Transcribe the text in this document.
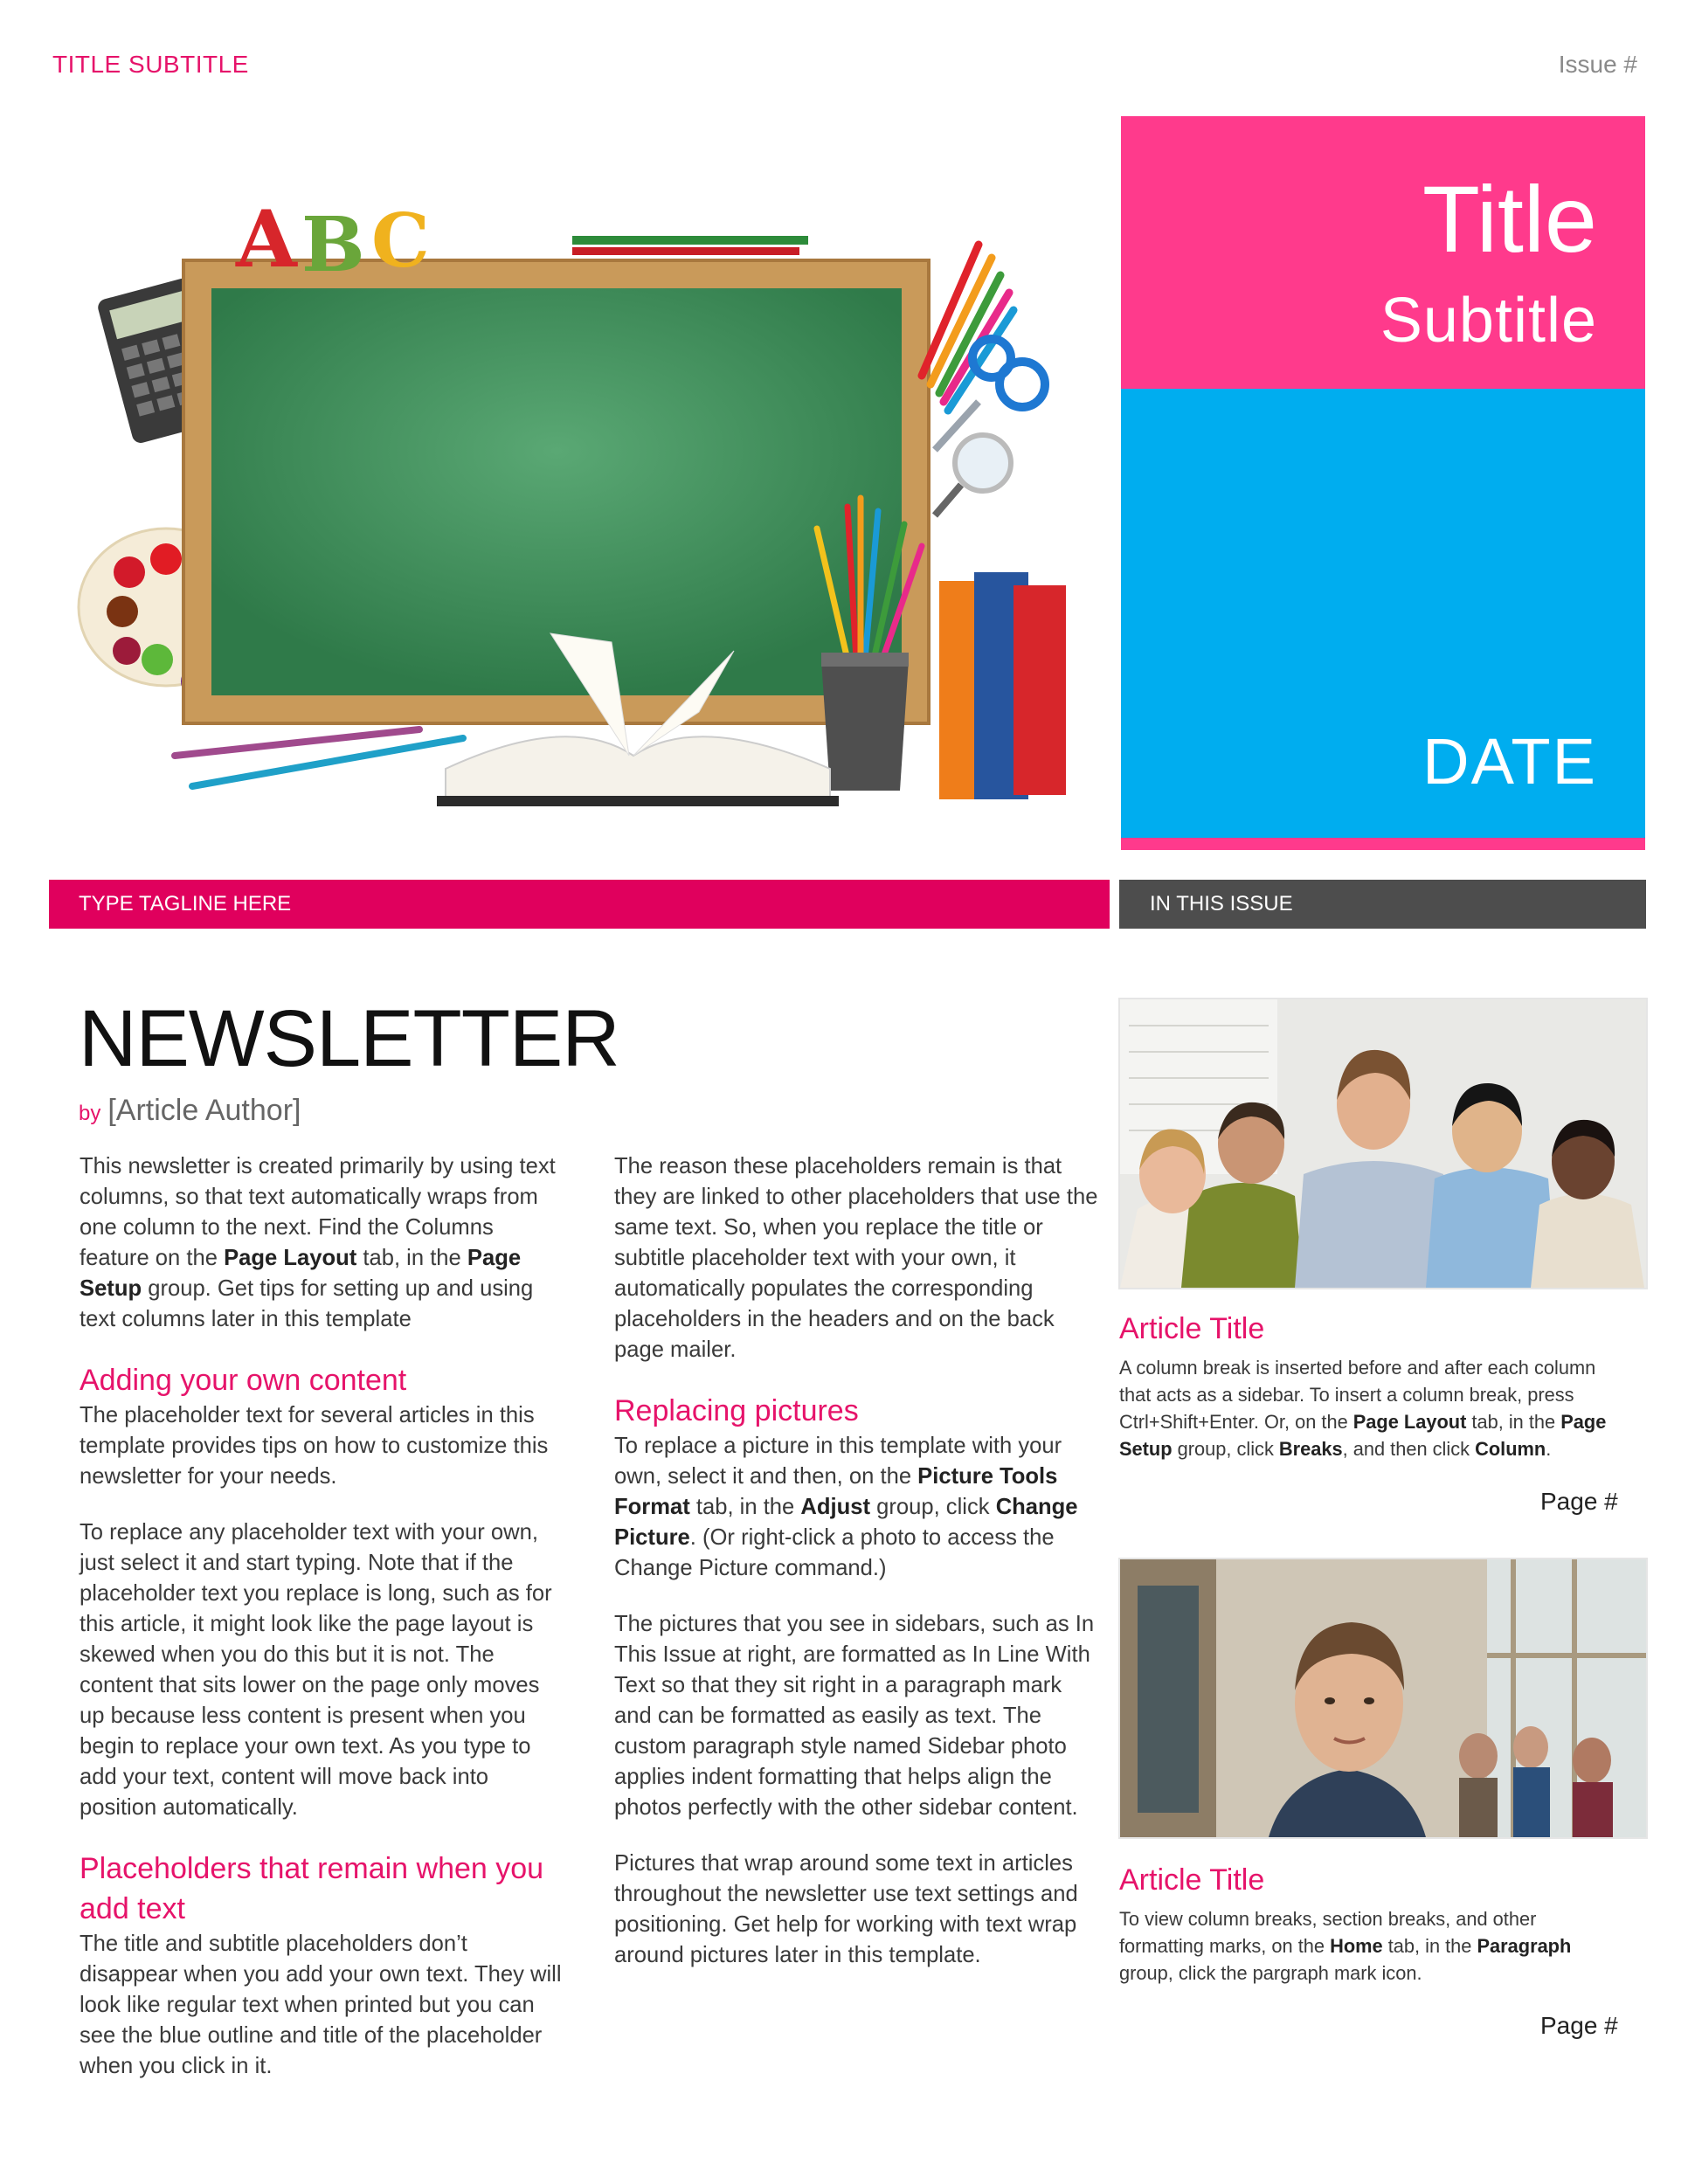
TITLE SUBTITLE	Issue #
A B C	Title
Subtitle
DATE
TYPE TAGLINE HERE	IN THIS ISSUE
NEWSLETTER
by [Article Author]

This newsletter is created primarily by using text columns, so that text automatically wraps from one column to the next. Find the Columns feature on the Page Layout tab, in the Page Setup group. Get tips for setting up and using text columns later in this template

Adding your own content

The placeholder text for several articles in this template provides tips on how to customize this newsletter for your needs.

To replace any placeholder text with your own, just select it and start typing. Note that if the placeholder text you replace is long, such as for this article, it might look like the page layout is skewed when you do this but it is not. The content that sits lower on the page only moves up because less content is present when you begin to replace your own text. As you type to add your text, content will move back into position automatically.

Placeholders that remain when you add text

The title and subtitle placeholders don’t disappear when you add your own text. They will look like regular text when printed but you can see the blue outline and title of the placeholder when you click in it.

The reason these placeholders remain is that they are linked to other placeholders that use the same text. So, when you replace the title or subtitle placeholder text with your own, it automatically populates the corresponding placeholders in the headers and on the back page mailer.

Replacing pictures

To replace a picture in this template with your own, select it and then, on the Picture Tools Format tab, in the Adjust group, click Change Picture. (Or right-click a photo to access the Change Picture command.)

The pictures that you see in sidebars, such as In This Issue at right, are formatted as In Line With Text so that they sit right in a paragraph mark and can be formatted as easily as text. The custom paragraph style named Sidebar photo applies indent formatting that helps align the photos perfectly with the other sidebar content.

Pictures that wrap around some text in articles throughout the newsletter use text settings and positioning. Get help for working with text wrap around pictures later in this template.

Article Title
A column break is inserted before and after each column that acts as a sidebar. To insert a column break, press Ctrl+Shift+Enter. Or, on the Page Layout tab, in the Page Setup group, click Breaks, and then click Column.
Page #
Article Title
To view column breaks, section breaks, and other formatting marks, on the Home tab, in the Paragraph group, click the pargraph mark icon.
Page #
